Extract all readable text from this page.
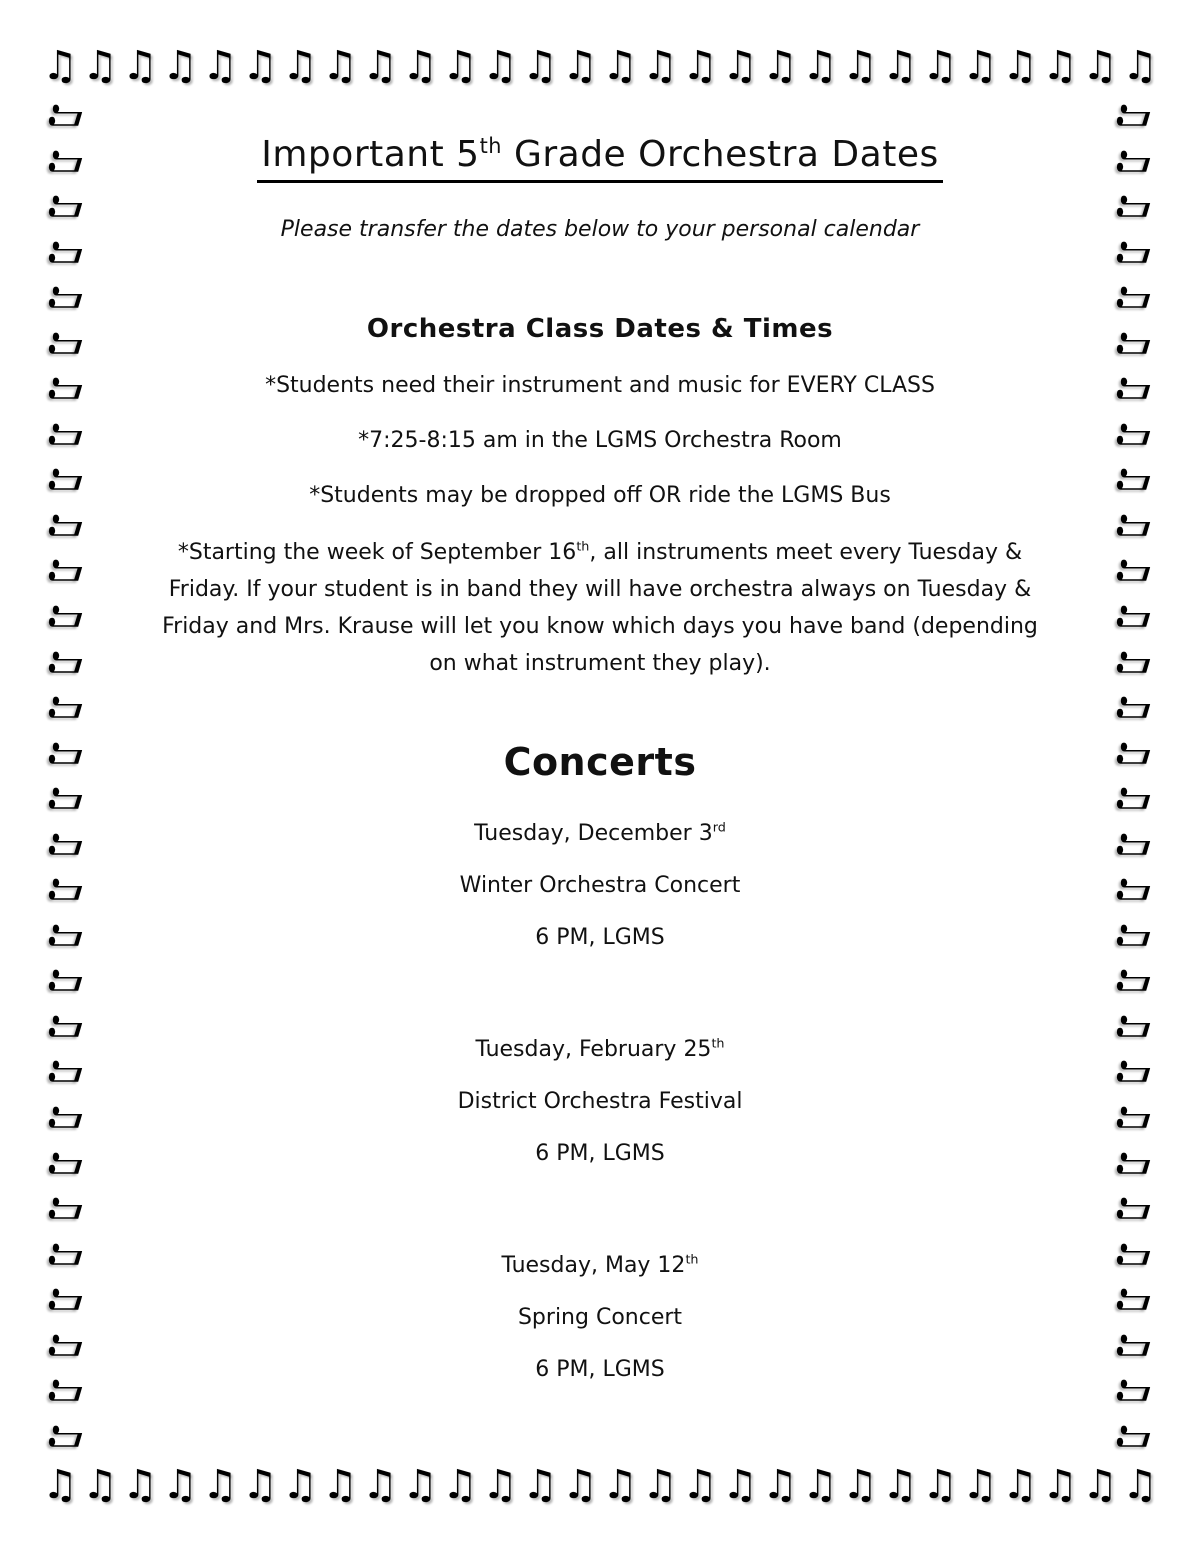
♫ ♫ ♫ ♫ ♫ ♫ ♫ ♫ ♫ ♫ ♫ ♫ ♫ ♫ ♫ ♫ ♫ ♫ ♫ ♫ ♫ ♫ ♫ ♫ ♫ ♫ ♫ ♫
♫ ♫ ♫ ♫ ♫ ♫ ♫ ♫ ♫ ♫ ♫ ♫ ♫ ♫ ♫ ♫ ♫ ♫ ♫ ♫ ♫ ♫ ♫ ♫ ♫ ♫ ♫ ♫
♫
♫
♫
♫
♫
♫
♫
♫
♫
♫
♫
♫
♫
♫
♫
♫
♫
♫
♫
♫
♫
♫
♫
♫
♫
♫
♫
♫
♫
♫
♫
♫
♫
♫
♫
♫
♫
♫
♫
♫
♫
♫
♫
♫
♫
♫
♫
♫
♫
♫
♫
♫
♫
♫
♫
♫
♫
♫
♫
♫
Important 5th Grade Orchestra Dates

Please transfer the dates below to your personal calendar

Orchestra Class Dates & Times

*Students need their instrument and music for EVERY CLASS

*7:25-8:15 am in the LGMS Orchestra Room

*Students may be dropped off OR ride the LGMS Bus

*Starting the week of September 16th, all instruments meet every Tuesday & Friday. If your student is in band they will have orchestra always on Tuesday & Friday and Mrs. Krause will let you know which days you have band (depending on what instrument they play).

Concerts

Tuesday, December 3rd

Winter Orchestra Concert

6 PM, LGMS

Tuesday, February 25th

District Orchestra Festival

6 PM, LGMS

Tuesday, May 12th

Spring Concert

6 PM, LGMS
